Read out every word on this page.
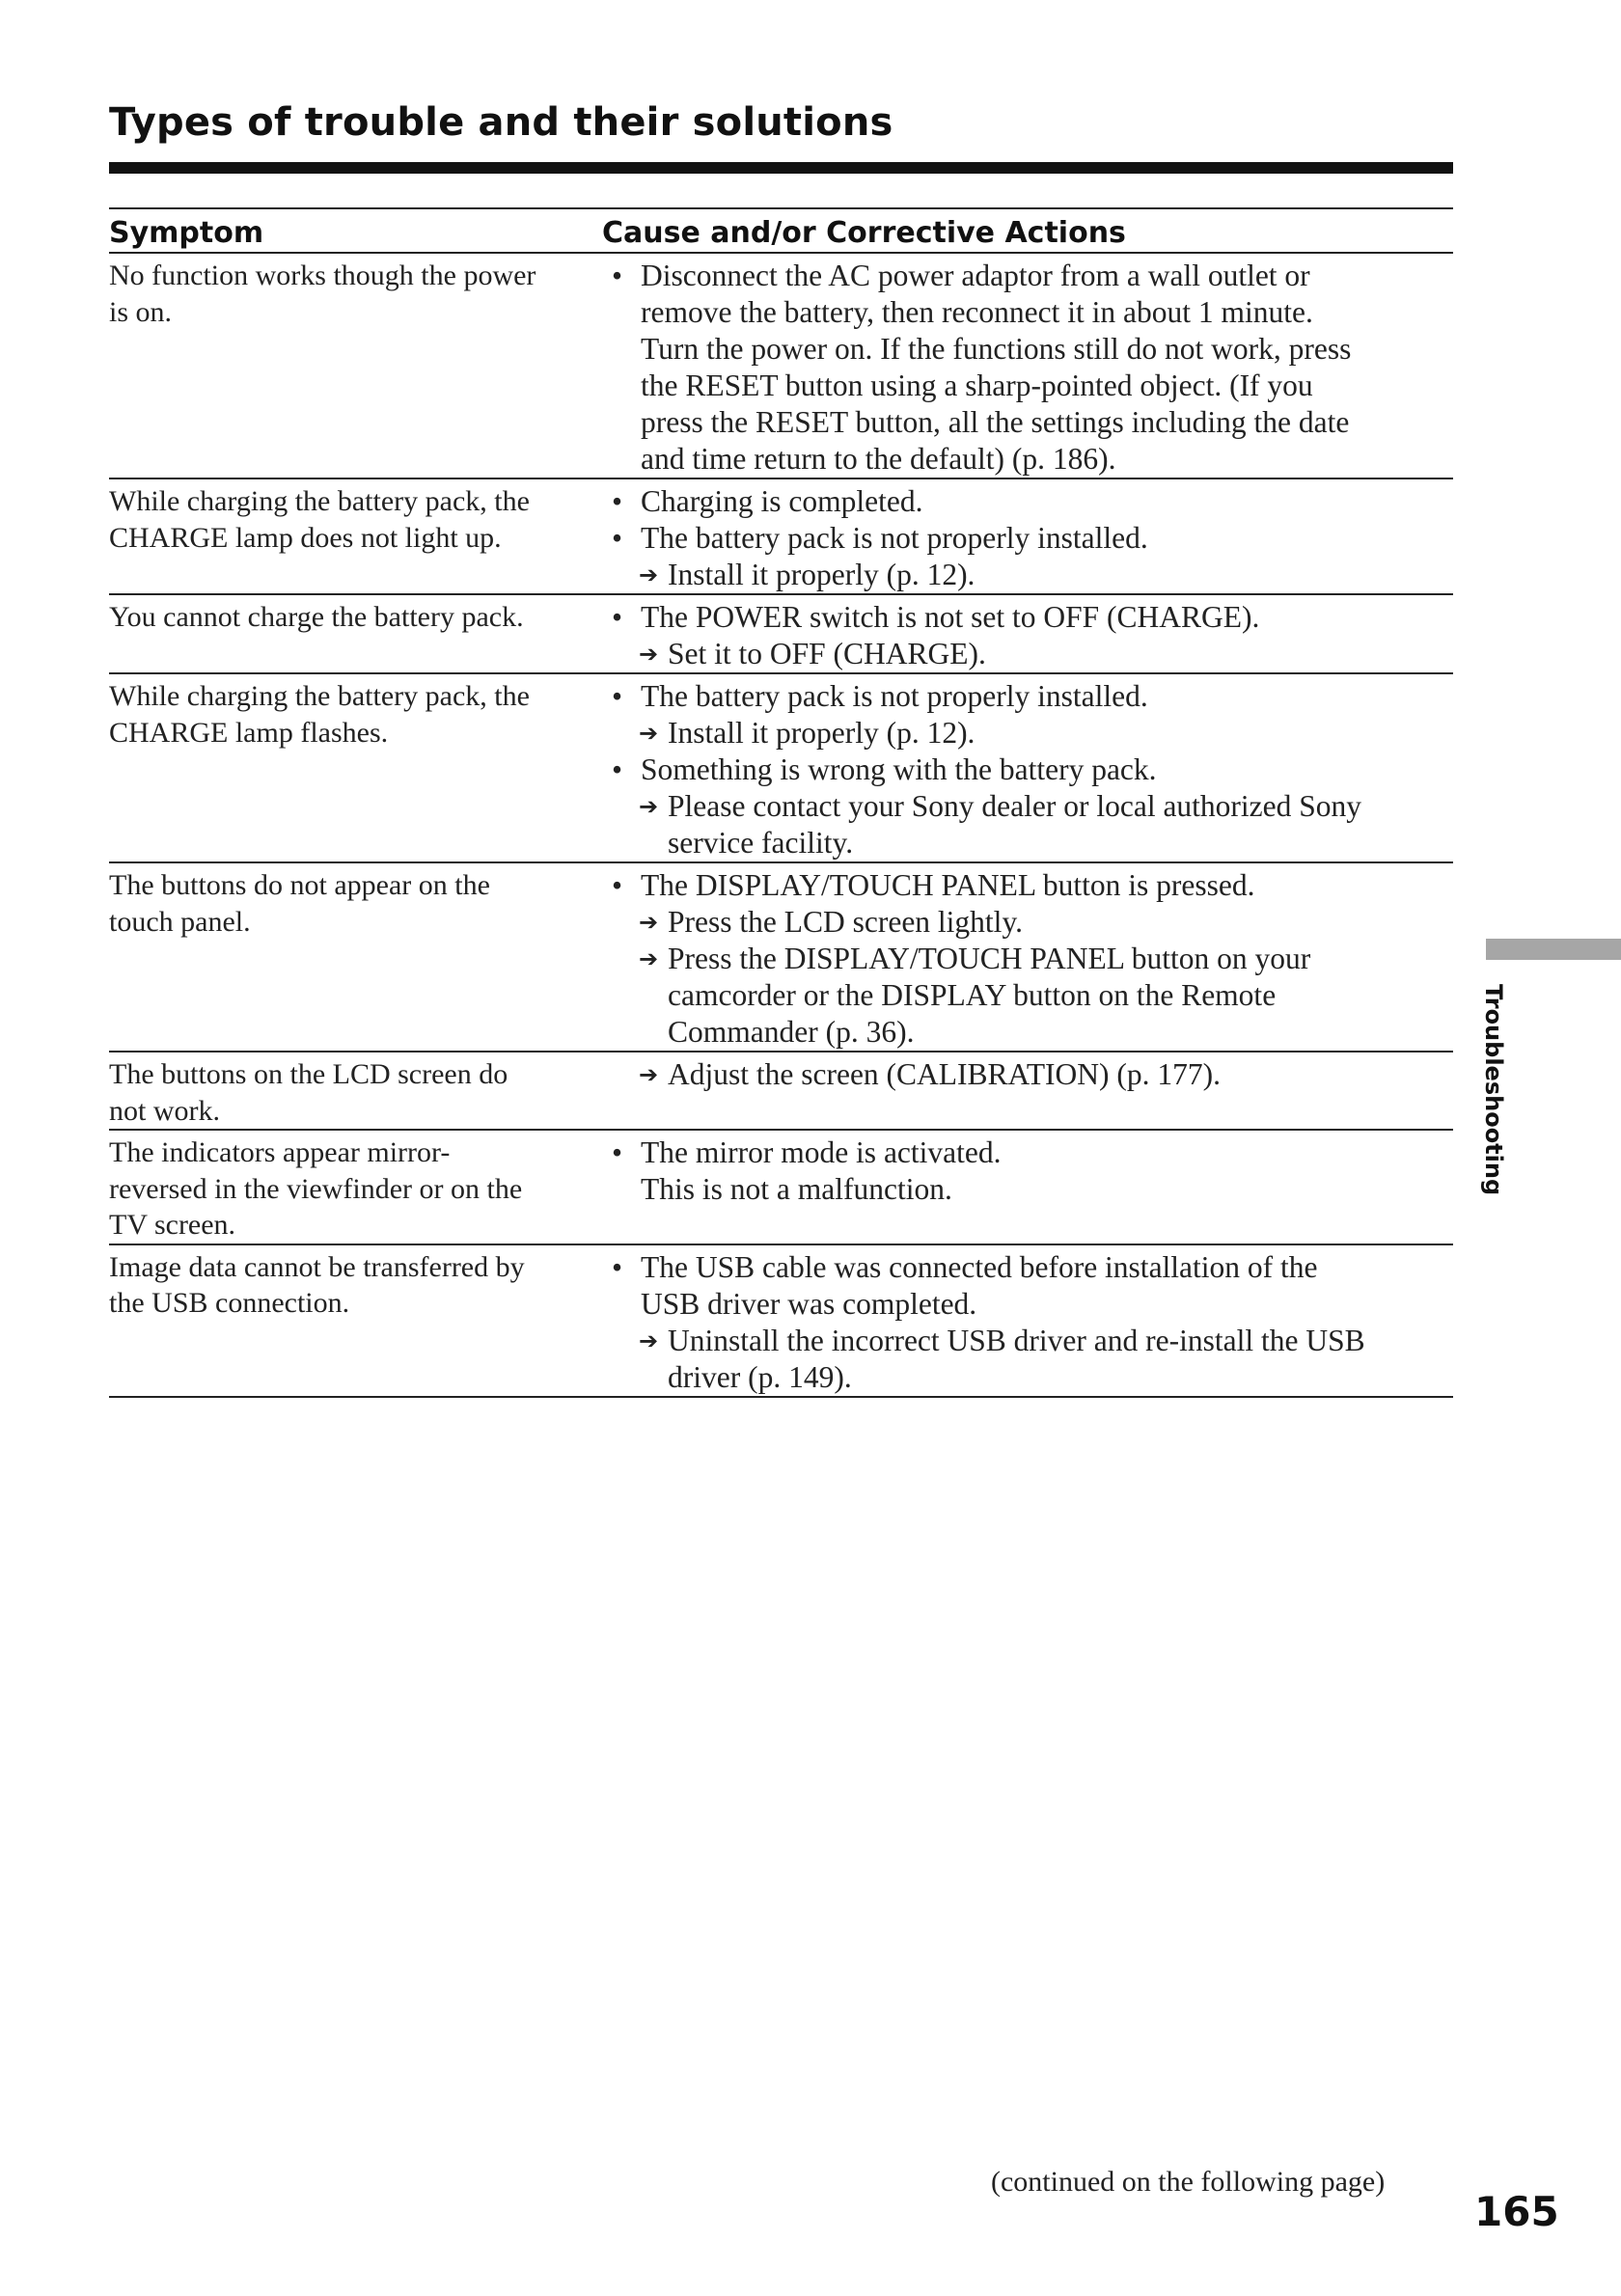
Types of trouble and their solutions
Symptom	Cause and/or Corrective Actions
No function works though the power
is on.
• Disconnect the AC power adaptor from a wall outlet or
remove the battery, then reconnect it in about 1 minute.
Turn the power on. If the functions still do not work, press
the RESET button using a sharp-pointed object. (If you
press the RESET button, all the settings including the date
and time return to the default) (p. 186).
While charging the battery pack, the
CHARGE lamp does not light up.
• Charging is completed.
• The battery pack is not properly installed.
➔ Install it properly (p. 12).
You cannot charge the battery pack.	• The POWER switch is not set to OFF (CHARGE).
➔ Set it to OFF (CHARGE).
While charging the battery pack, the
CHARGE lamp flashes.
• The battery pack is not properly installed.
➔ Install it properly (p. 12).
• Something is wrong with the battery pack.
➔ Please contact your Sony dealer or local authorized Sony
service facility.
The buttons do not appear on the
touch panel.
• The DISPLAY/TOUCH PANEL button is pressed.
➔ Press the LCD screen lightly.
➔ Press the DISPLAY/TOUCH PANEL button on your
camcorder or the DISPLAY button on the Remote
Commander (p. 36).
The buttons on the LCD screen do
not work.
➔ Adjust the screen (CALIBRATION) (p. 177).
The indicators appear mirror-
reversed in the viewfinder or on the
TV screen.
• The mirror mode is activated.
This is not a malfunction.
Image data cannot be transferred by
the USB connection.
• The USB cable was connected before installation of the
USB driver was completed.
➔ Uninstall the incorrect USB driver and re-install the USB
driver (p. 149).
Troubleshooting
(continued on the following page)
165
